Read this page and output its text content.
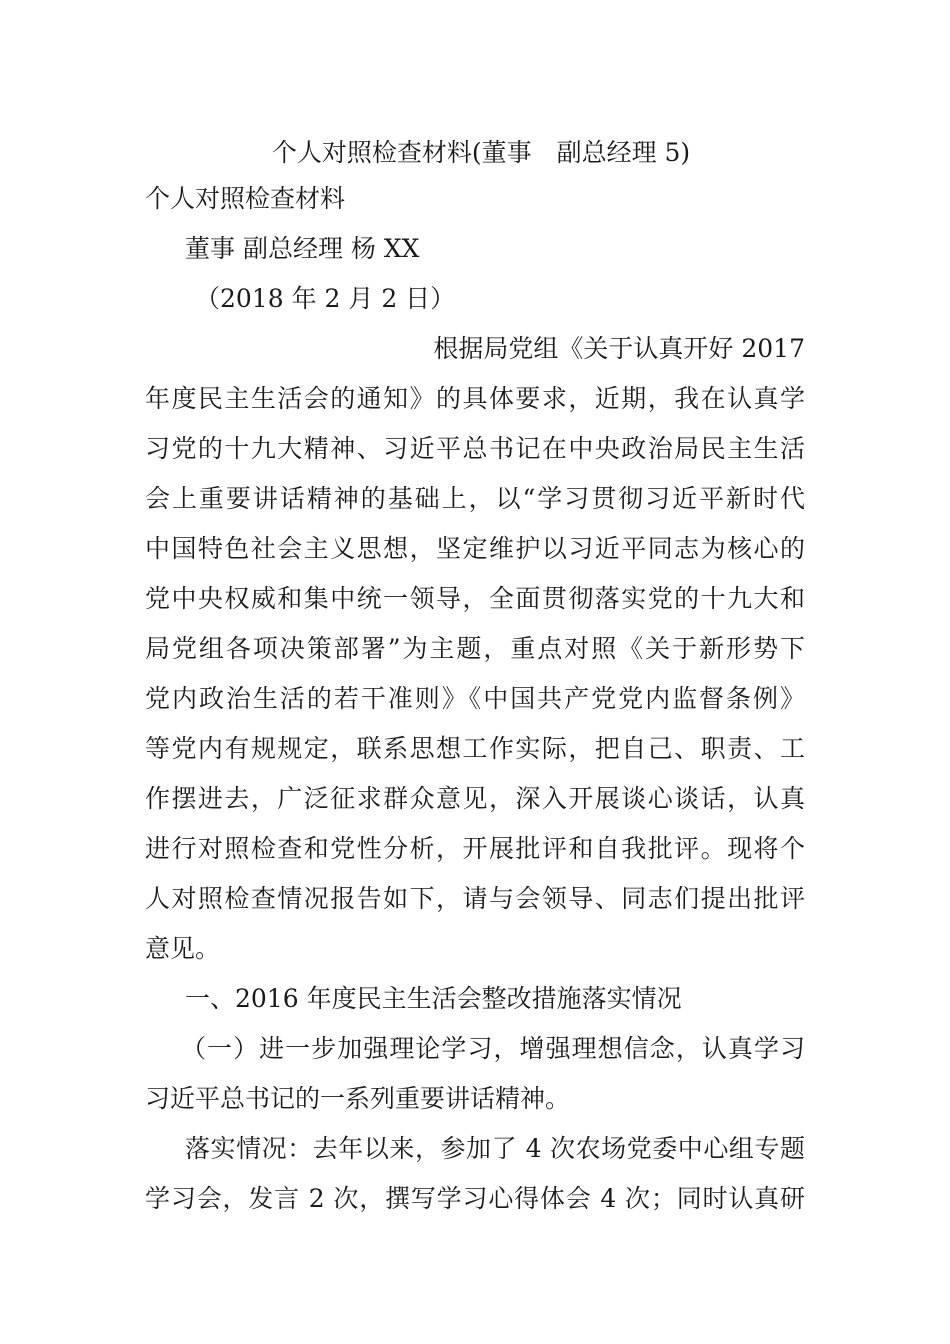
个人对照检查材料(董事　副总经理 5)
个人对照检查材料
董事 副总经理 杨 XX
（2018 年 2 月 2 日）
根据局党组《关于认真开好 2017
年度民主生活会的通知》的具体要求，近期，我在认真学
习党的十九大精神、习近平总书记在中央政治局民主生活
会上重要讲话精神的基础上，以“学习贯彻习近平新时代
中国特色社会主义思想，坚定维护以习近平同志为核心的
党中央权威和集中统一领导，全面贯彻落实党的十九大和
局党组各项决策部署”为主题，重点对照《关于新形势下
党内政治生活的若干准则》《中国共产党党内监督条例》
等党内有规规定，联系思想工作实际，把自己、职责、工
作摆进去，广泛征求群众意见，深入开展谈心谈话，认真
进行对照检查和党性分析，开展批评和自我批评。现将个
人对照检查情况报告如下，请与会领导、同志们提出批评
意见。
一、2016 年度民主生活会整改措施落实情况
（一）进一步加强理论学习，增强理想信念，认真学习
习近平总书记的一系列重要讲话精神。
落实情况：去年以来，参加了 4 次农场党委中心组专题
学习会，发言 2 次，撰写学习心得体会 4 次；同时认真研
